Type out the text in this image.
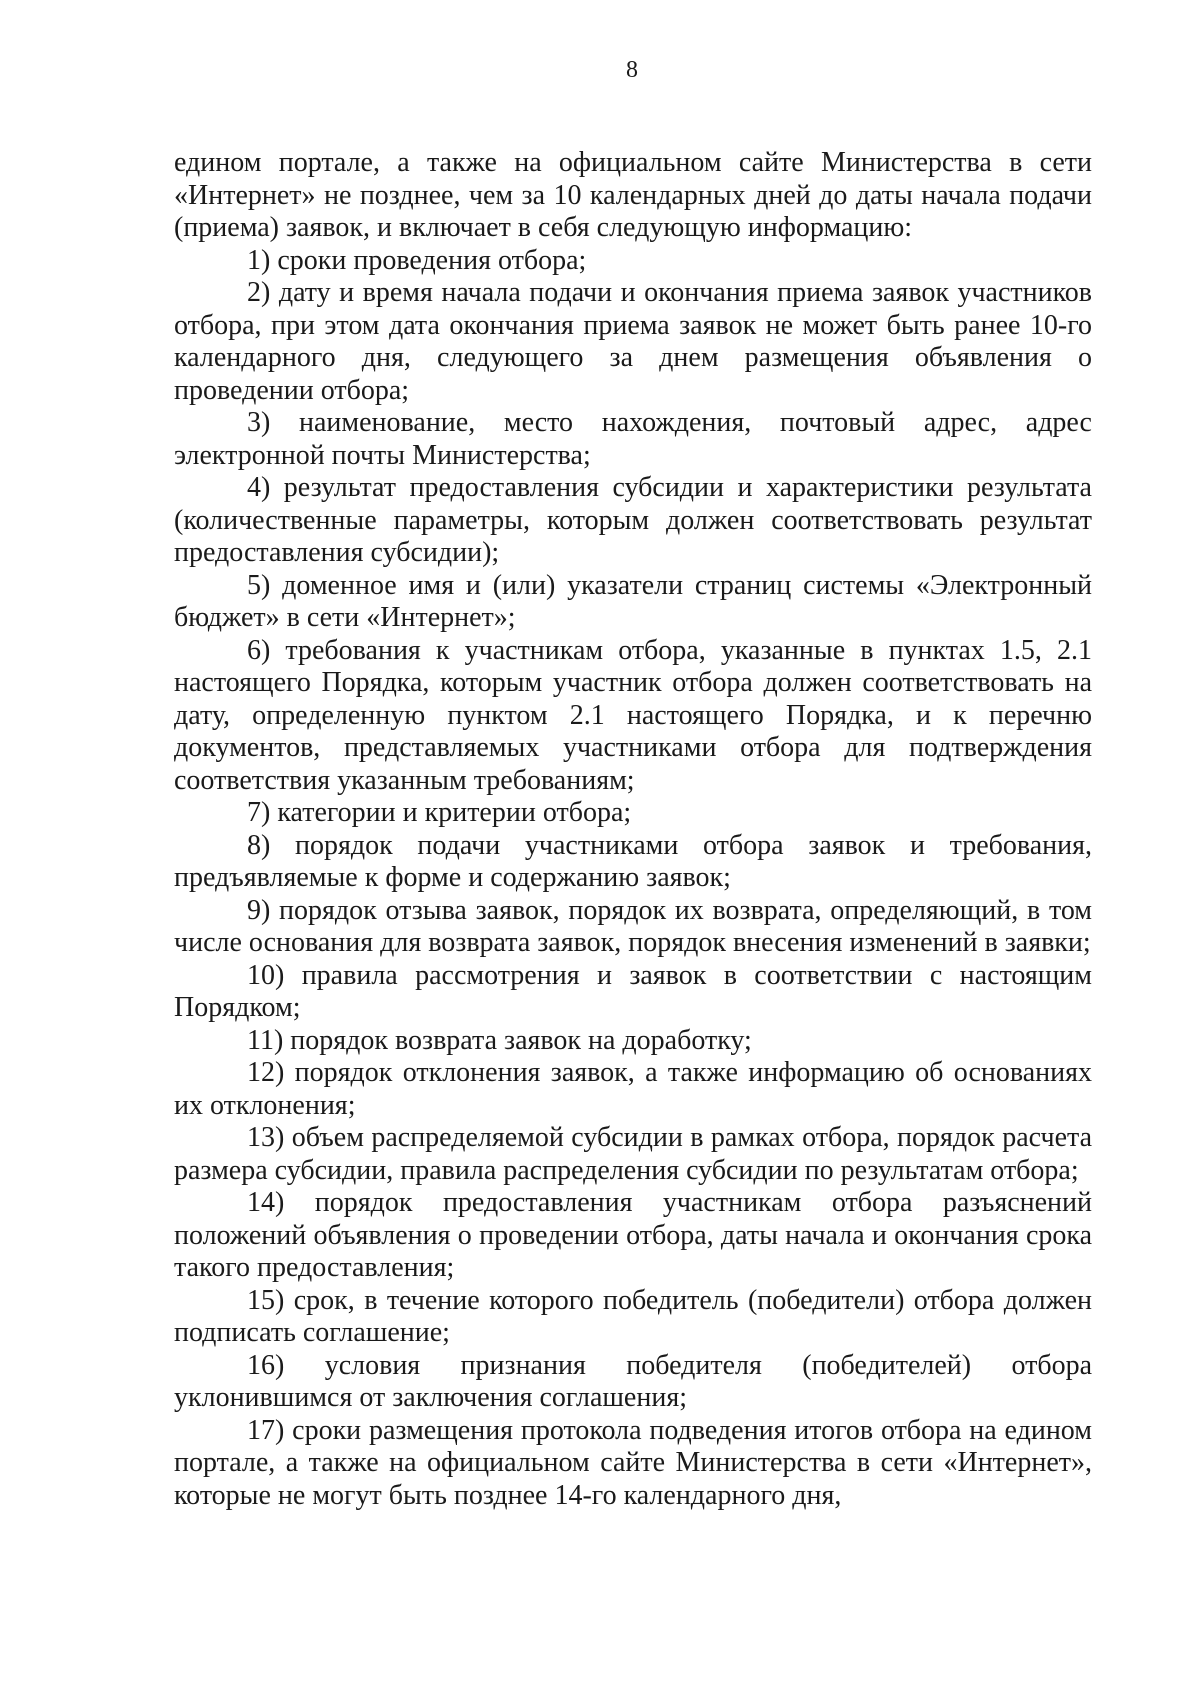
8

едином портале, а также на официальном сайте Министерства в сети «Интернет» не позднее, чем за 10 календарных дней до даты начала подачи (приема) заявок, и включает в себя следующую информацию:

1) сроки проведения отбора;

2) дату и время начала подачи и окончания приема заявок участников отбора, при этом дата окончания приема заявок не может быть ранее 10-го календарного дня, следующего за днем размещения объявления о проведении отбора;

3) наименование, место нахождения, почтовый адрес, адрес электронной почты Министерства;

4) результат предоставления субсидии и характеристики результата (количественные параметры, которым должен соответствовать результат предоставления субсидии);

5) доменное имя и (или) указатели страниц системы «Электронный бюджет» в сети «Интернет»;

6) требования к участникам отбора, указанные в пунктах 1.5, 2.1 настоящего Порядка, которым участник отбора должен соответствовать на дату, определенную пунктом 2.1 настоящего Порядка, и к перечню документов, представляемых участниками отбора для подтверждения соответствия указанным требованиям;

7) категории и критерии отбора;

8) порядок подачи участниками отбора заявок и требования, предъявляемые к форме и содержанию заявок;

9) порядок отзыва заявок, порядок их возврата, определяющий, в том числе основания для возврата заявок, порядок внесения изменений в заявки;

10) правила рассмотрения и заявок в соответствии с настоящим Порядком;

11) порядок возврата заявок на доработку;

12) порядок отклонения заявок, а также информацию об основаниях их отклонения;

13) объем распределяемой субсидии в рамках отбора, порядок расчета размера субсидии, правила распределения субсидии по результатам отбора;

14) порядок предоставления участникам отбора разъяснений положений объявления о проведении отбора, даты начала и окончания срока такого предоставления;

15) срок, в течение которого победитель (победители) отбора должен подписать соглашение;

16) условия признания победителя (победителей) отбора уклонившимся от заключения соглашения;

17) сроки размещения протокола подведения итогов отбора на едином портале, а также на официальном сайте Министерства в сети «Интернет», которые не могут быть позднее 14-го календарного дня,
